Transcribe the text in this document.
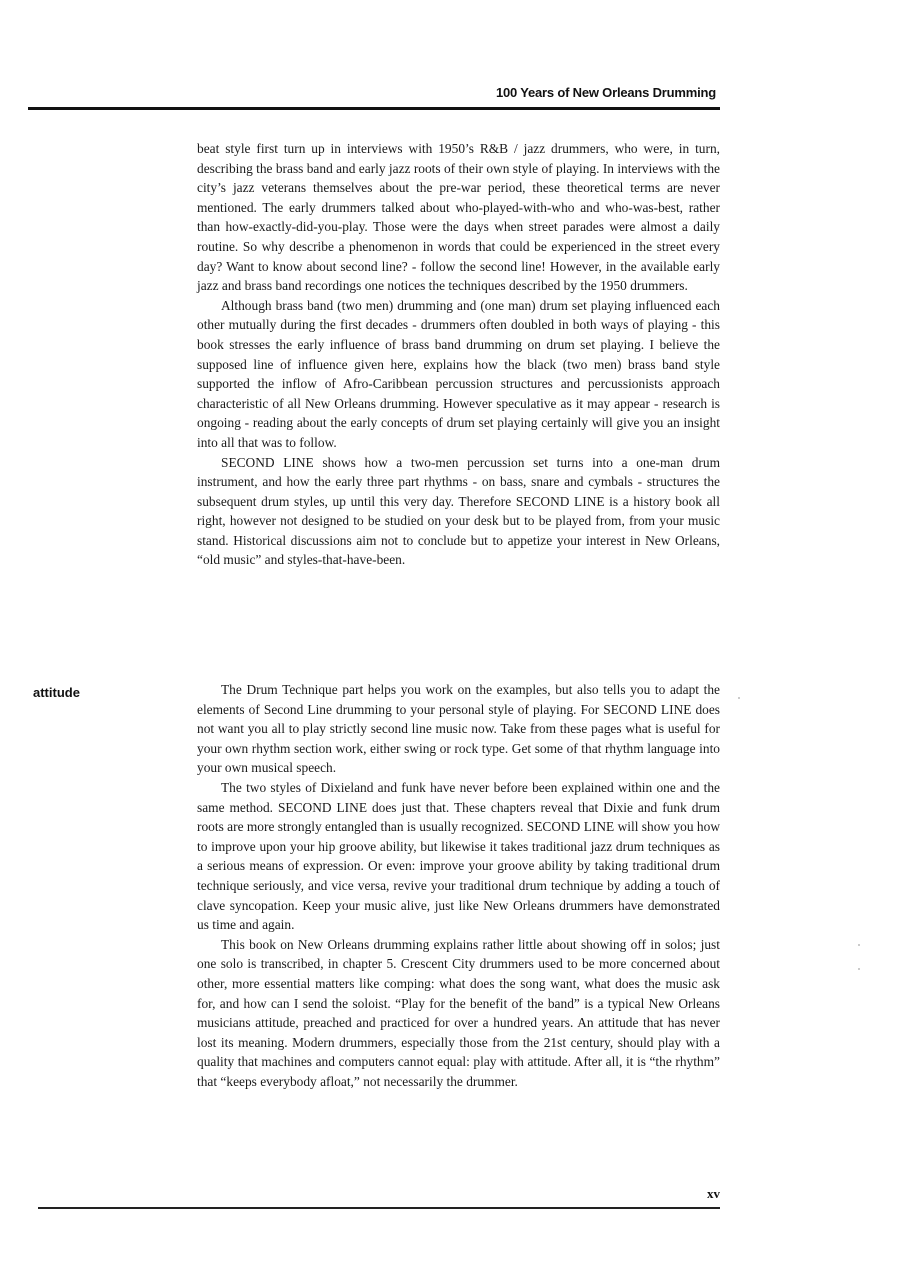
100 Years of New Orleans Drumming

beat style first turn up in interviews with 1950’s R&B / jazz drummers, who were, in turn, describing the brass band and early jazz roots of their own style of playing. In interviews with the city’s jazz veterans themselves about the pre-war period, these theoretical terms are never mentioned. The early drummers talked about who-played-with-who and who-was-best, rather than how-exactly-did-you-play. Those were the days when street parades were almost a daily routine. So why describe a phenomenon in words that could be experienced in the street every day? Want to know about second line? - follow the second line! However, in the available early jazz and brass band recordings one notices the techniques described by the 1950 drummers.

Although brass band (two men) drumming and (one man) drum set playing influenced each other mutually during the first decades - drummers often doubled in both ways of playing - this book stresses the early influence of brass band drumming on drum set playing. I believe the supposed line of influence given here, explains how the black (two men) brass band style supported the inflow of Afro-Caribbean percussion structures and percussionists approach characteristic of all New Orleans drumming. However speculative as it may appear - research is ongoing - reading about the early concepts of drum set playing certainly will give you an insight into all that was to follow.

SECOND LINE shows how a two-men percussion set turns into a one-man drum instrument, and how the early three part rhythms - on bass, snare and cymbals - structures the subsequent drum styles, up until this very day. Therefore SECOND LINE is a history book all right, however not designed to be studied on your desk but to be played from, from your music stand. Historical discussions aim not to conclude but to appetize your interest in New Orleans, “old music” and styles-that-have-been.

attitude	The Drum Technique part helps you work on the examples, but also tells you to adapt the elements of Second Line drumming to your personal style of playing. For SECOND LINE does not want you all to play strictly second line music now. Take from these pages what is useful for your own rhythm section work, either swing or rock type. Get some of that rhythm language into your own musical speech.

The two styles of Dixieland and funk have never before been explained within one and the same method. SECOND LINE does just that. These chapters reveal that Dixie and funk drum roots are more strongly entangled than is usually recognized. SECOND LINE will show you how to improve upon your hip groove ability, but likewise it takes traditional jazz drum techniques as a serious means of expression. Or even: improve your groove ability by taking traditional drum technique seriously, and vice versa, revive your traditional drum technique by adding a touch of clave syncopation. Keep your music alive, just like New Orleans drummers have demonstrated us time and again.

This book on New Orleans drumming explains rather little about showing off in solos; just one solo is transcribed, in chapter 5. Crescent City drummers used to be more concerned about other, more essential matters like comping: what does the song want, what does the music ask for, and how can I send the soloist. “Play for the benefit of the band” is a typical New Orleans musicians attitude, preached and practiced for over a hundred years. An attitude that has never lost its meaning. Modern drummers, especially those from the 21st century, should play with a quality that machines and computers cannot equal: play with attitude. After all, it is “the rhythm” that “keeps everybody afloat,” not necessarily the drummer.

xv
